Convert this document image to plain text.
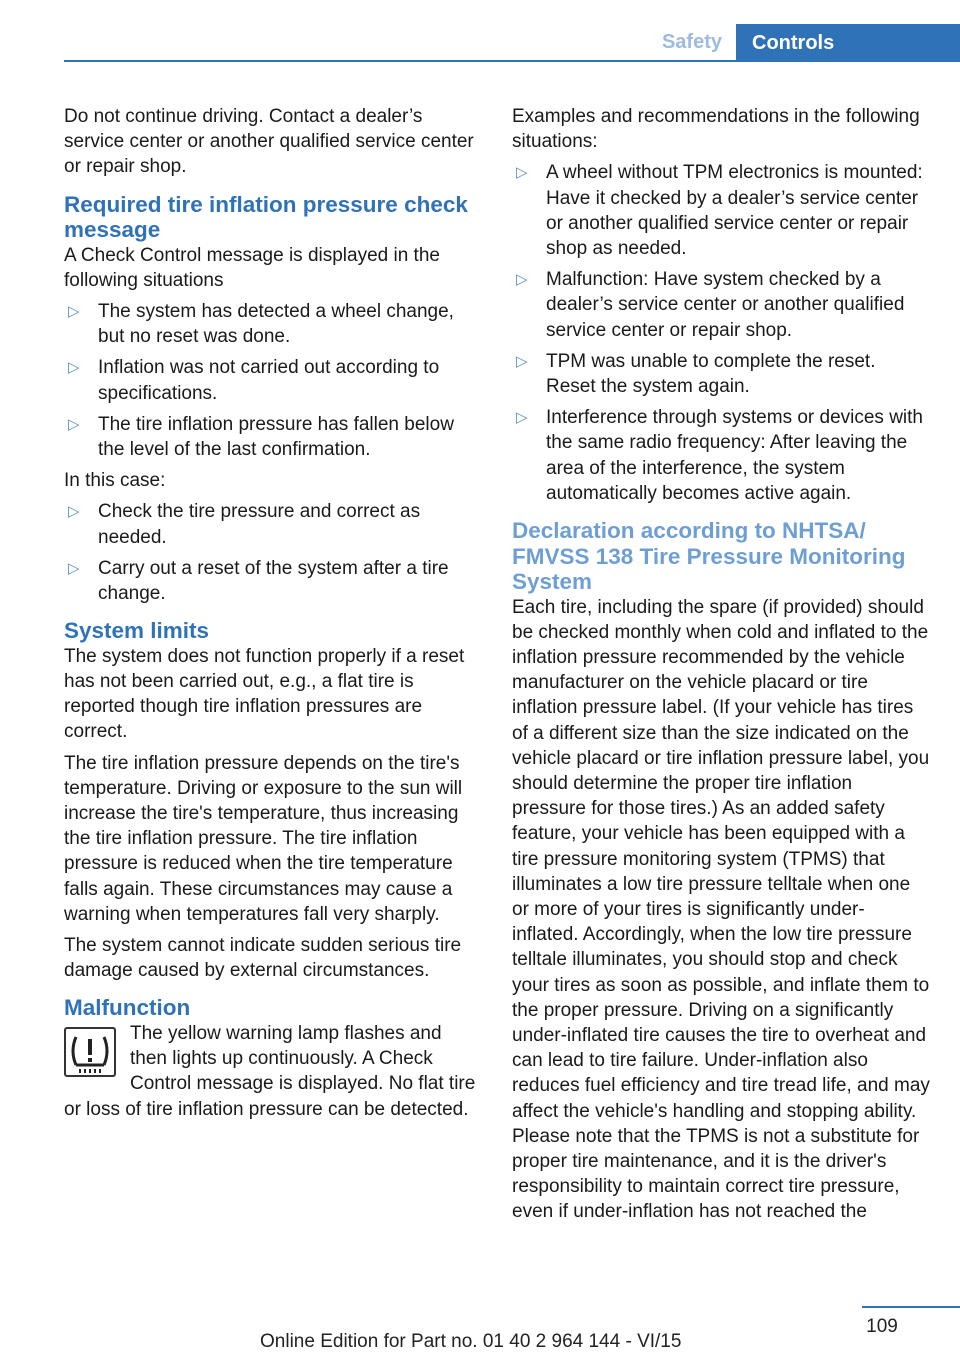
Safety	Controls

Do not continue driving. Contact a dealer’s service center or another qualified service center or repair shop.

Required tire inflation pressure check message

A Check Control message is displayed in the following situations

▷ The system has detected a wheel change, but no reset was done.
▷ Inflation was not carried out according to specifications.
▷ The tire inflation pressure has fallen below the level of the last confirmation.

In this case:

▷ Check the tire pressure and correct as needed.
▷ Carry out a reset of the system after a tire change.
System limits

The system does not function properly if a reset has not been carried out, e.g., a flat tire is reported though tire inflation pressures are correct.

The tire inflation pressure depends on the tire's temperature. Driving or exposure to the sun will increase the tire's temperature, thus increasing the tire inflation pressure. The tire inflation pressure is reduced when the tire temperature falls again. These circumstances may cause a warning when temperatures fall very sharply.

The system cannot indicate sudden serious tire damage caused by external circumstances.

Malfunction

The yellow warning lamp flashes and then lights up continuously. A Check Control message is displayed. No flat tire or loss of tire inflation pressure can be detected.

Examples and recommendations in the following situations:

▷ A wheel without TPM electronics is mounted: Have it checked by a dealer’s service center or another qualified service center or repair shop as needed.
▷ Malfunction: Have system checked by a dealer’s service center or another qualified service center or repair shop.
▷ TPM was unable to complete the reset. Reset the system again.
▷ Interference through systems or devices with the same radio frequency: After leaving the area of the interference, the system automatically becomes active again.
Declaration according to NHTSA/ FMVSS 138 Tire Pressure Monitoring System

Each tire, including the spare (if provided) should be checked monthly when cold and inflated to the inflation pressure recommended by the vehicle manufacturer on the vehicle placard or tire inflation pressure label. (If your vehicle has tires of a different size than the size indicated on the vehicle placard or tire inflation pressure label, you should determine the proper tire inflation pressure for those tires.) As an added safety feature, your vehicle has been equipped with a tire pressure monitoring system (TPMS) that illuminates a low tire pressure telltale when one or more of your tires is significantly under-inflated. Accordingly, when the low tire pressure telltale illuminates, you should stop and check your tires as soon as possible, and inflate them to the proper pressure. Driving on a significantly under-inflated tire causes the tire to overheat and can lead to tire failure. Under-inflation also reduces fuel efficiency and tire tread life, and may affect the vehicle's handling and stopping ability. Please note that the TPMS is not a substitute for proper tire maintenance, and it is the driver's responsibility to maintain correct tire pressure, even if under-inflation has not reached the

109
Online Edition for Part no. 01 40 2 964 144 - VI/15
